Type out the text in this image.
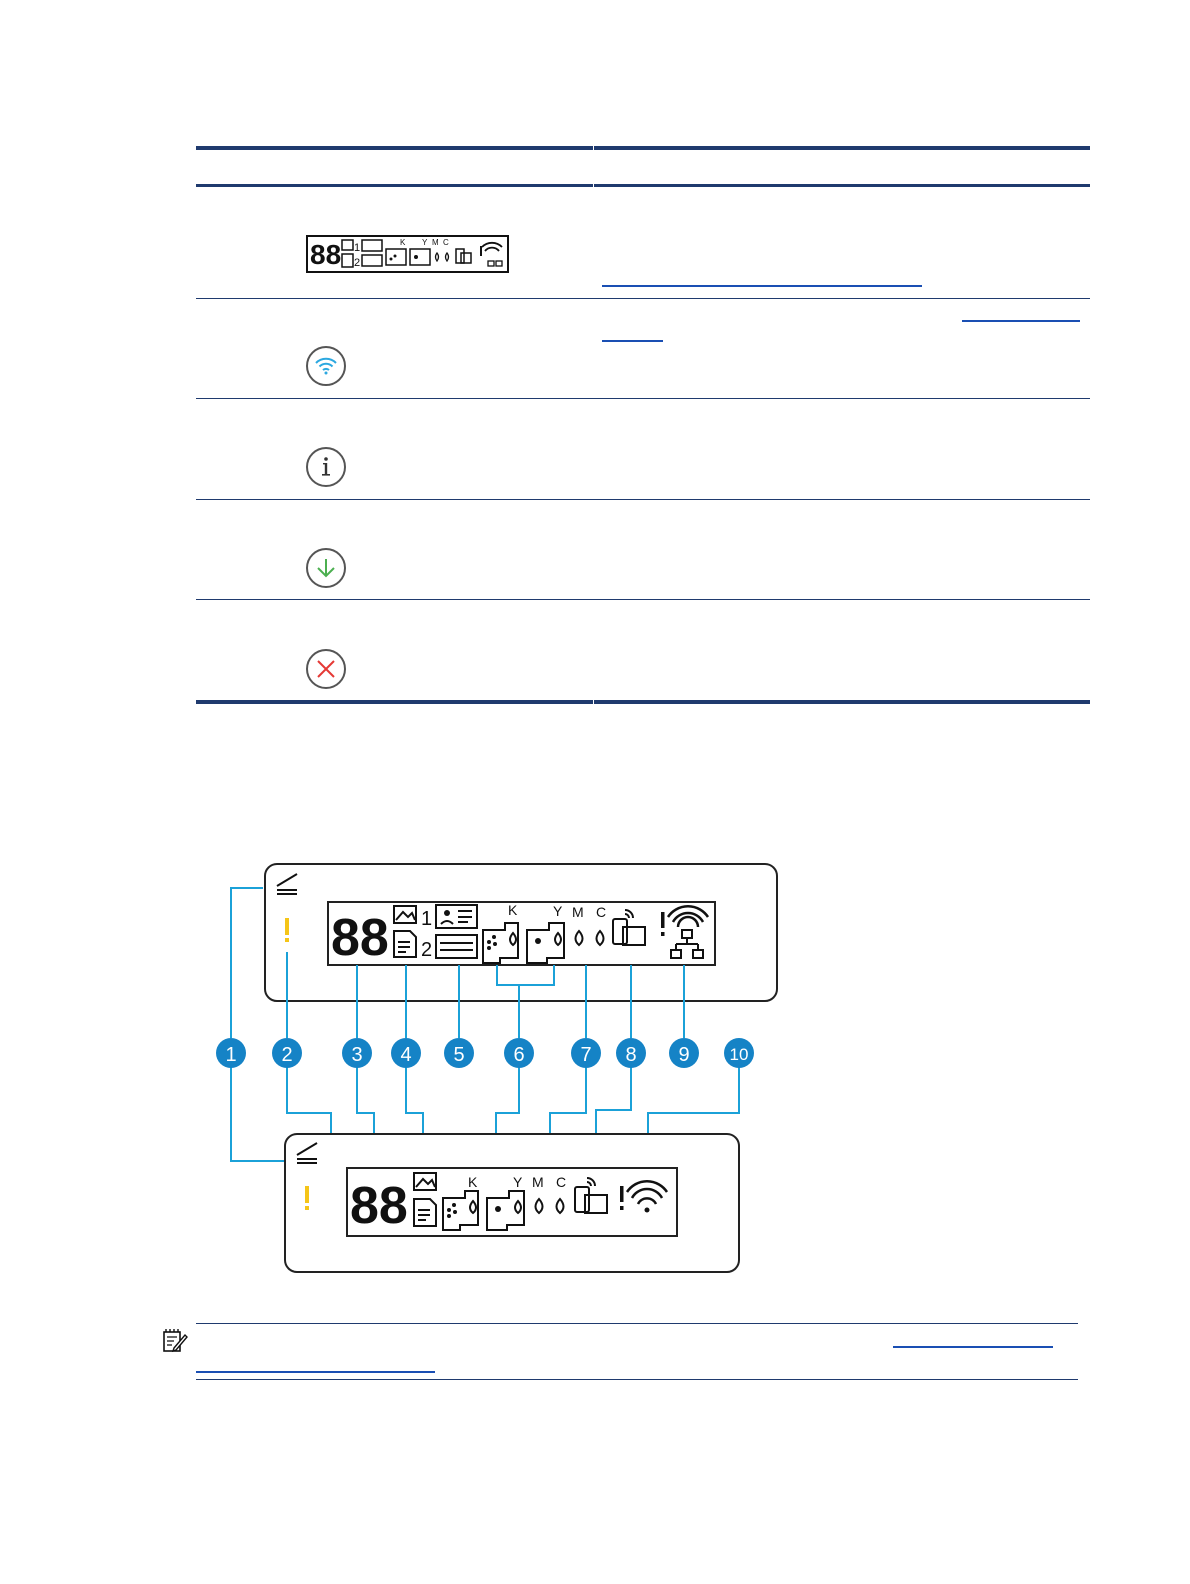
88 1
2
K Y M C
88 1
2
K	Y M C
1 2	3 4 5 6	7 8 9 10
88	K	Y M C
